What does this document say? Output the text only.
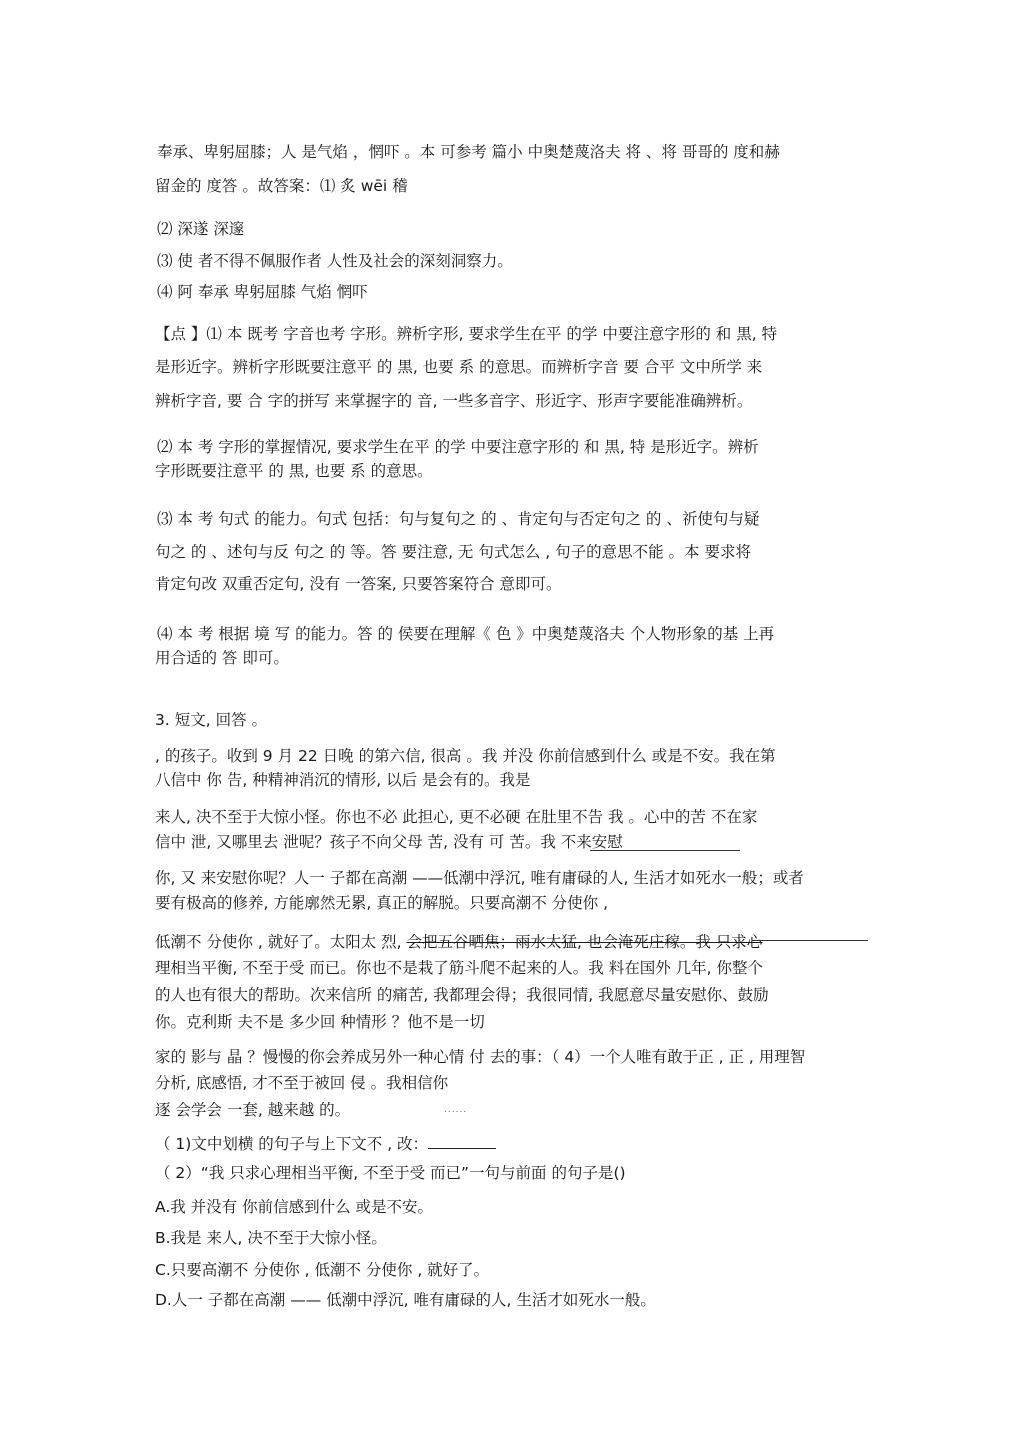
奉承、卑躬屈膝；人 是气焰 ，惘吓 。本 可参考 篇小 中奥楚蔑洛夫 将 、将 哥哥的 度和赫
留金的 度答 。故答案：⑴ 炙 wēi 稽
⑵ 深遂 深邃
⑶ 使 者不得不佩服作者 人性及社会的深刻洞察力。
⑷ 阿 奉承 卑躬屈膝 气焰 惘吓
【点 】⑴ 本 既考 字音也考 字形。辨析字形, 要求学生在平 的学 中要注意字形的 和 黒, 特
是形近字。辨析字形既要注意平 的 黒, 也要 系 的意思。而辨析字音 要 合平 文中所学 来
辨析字音, 要 合 字的拼写 来掌握字的 音, 一些多音字、形近字、形声字要能准确辨析。
⑵ 本 考 字形的掌握情况, 要求学生在平 的学 中要注意字形的 和 黒, 特 是形近字。辨析
字形既要注意平 的 黒, 也要 系 的意思。
⑶ 本 考 句式 的能力。句式 包括：句与复句之 的 、肯定句与否定句之 的 、祈使句与疑
句之 的 、述句与反 句之 的 等。答 要注意, 无 句式怎么 , 句子的意思不能 。本 要求将
肯定句改 双重否定句, 没有 一答案, 只要答案符合 意即可。
⑷ 本 考 根据 境 写 的能力。答 的 侯要在理解《 色 》中奥楚蔑洛夫 个人物形象的基 上再
用合适的 答 即可。
3. 短文, 回答 。
, 的孩子。收到 9 月 22 日晚 的第六信, 很高 。我 并没 你前信感到什么 或是不安。我在第
八信中 你 告, 种精神消沉的情形, 以后 是会有的。我是
来人, 决不至于大惊小怪。你也不必 此担心, 更不必硬 在肚里不告 我 。心中的苦 不在家
信中 泄, 又哪里去 泄呢？孩子不向父母 苦, 没有 可 苦。我 不来安慰
你, 又 来安慰你呢？人一 子都在高潮 ——低潮中浮沉, 唯有庸碌的人, 生活才如死水一般；或者
要有极高的修养, 方能廓然无累, 真正的解脱。只要高潮不 分使你 ,
低潮不 分使你 , 就好了。太阳太 烈, 会把五谷晒焦；雨水太猛, 也会淹死庄稼。我 只求心
理相当平衡, 不至于受 而已。你也不是栽了筋斗爬不起来的人。我 料在国外 几年, 你整个
的人也有很大的帮助。次来信所 的痛苦, 我都理会得；我很同情, 我愿意尽量安慰你、鼓励
你。克利斯 夫不是 多少回 种情形 ？他不是一切
家的 影与 晶 ？慢慢的你会养成另外一种心情 付 去的事：（ 4）一个人唯有敢于正 , 正 , 用理智
分析, 底感悟, 才不至于被回 侵 。我相信你
逐 会学会 一套, 越来越 的。	......
（ 1)文中划横 的句子与上下文不 , 改：
（ 2）“我 只求心理相当平衡, 不至于受 而已”一句与前面 的句子是()
A.我 并没有 你前信感到什么 或是不安。
B.我是 来人, 决不至于大惊小怪。
C.只要高潮不 分使你 , 低潮不 分使你 , 就好了。
D.人一 子都在高潮 —— 低潮中浮沉, 唯有庸碌的人, 生活才如死水一般。
